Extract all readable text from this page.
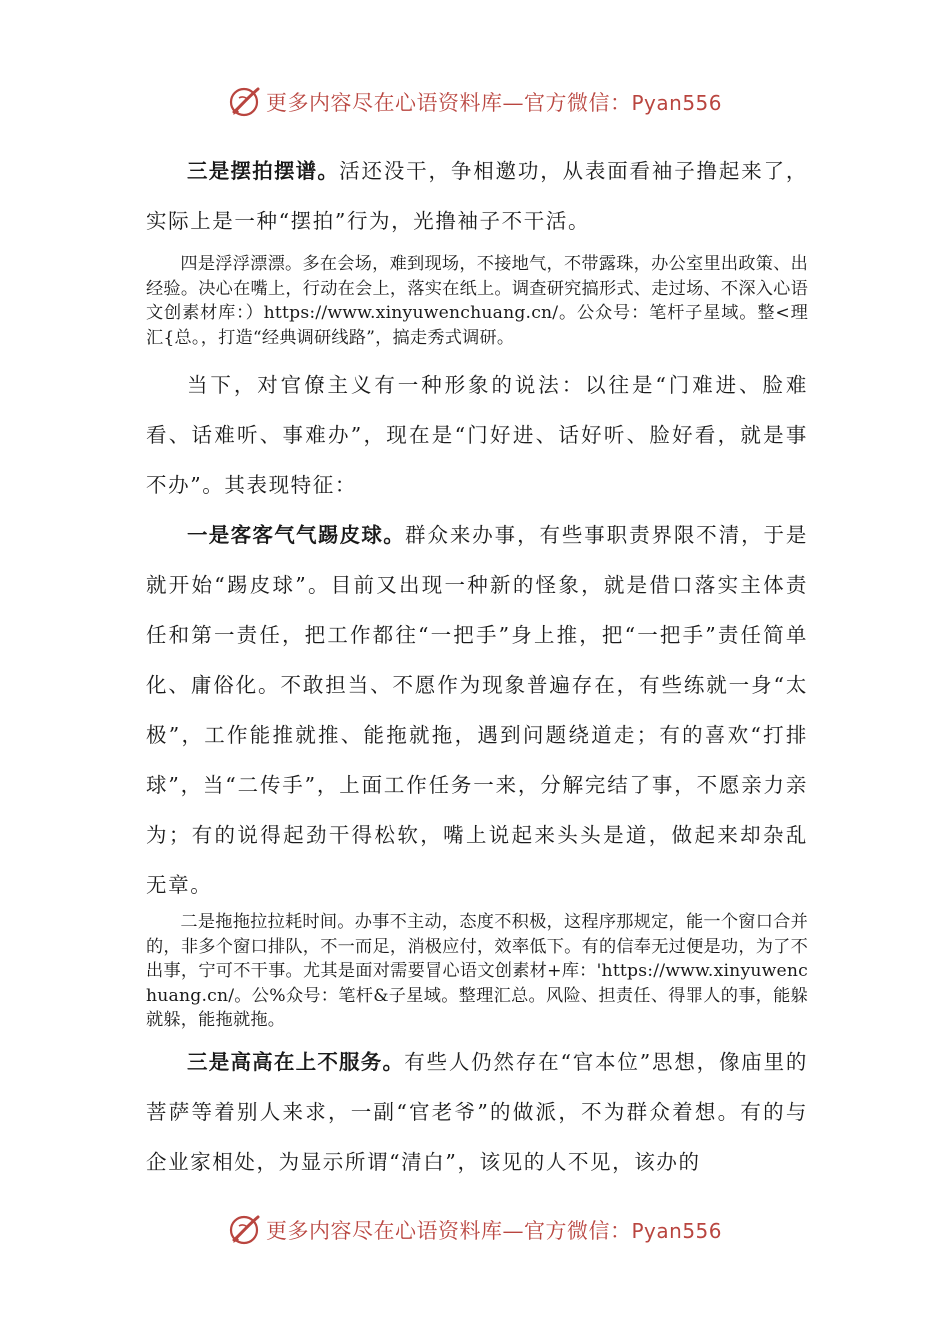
更多内容尽在心语资料库—官方微信：Pyan556

三是摆拍摆谱。活还没干，争相邀功，从表面看袖子撸起来了，实际上是一种“摆拍”行为，光撸袖子不干活。

四是浮浮漂漂。多在会场，难到现场，不接地气，不带露珠，办公室里出政策、出经验。决心在嘴上，行动在会上，落实在纸上。调查研究搞形式、走过场、不深入心语文创素材库：）https://www.xinyuwenchuang.cn/。公众号：笔杆子星域。整<理汇{总。，打造“经典调研线路”，搞走秀式调研。

当下，对官僚主义有一种形象的说法：以往是“门难进、脸难看、话难听、事难办”，现在是“门好进、话好听、脸好看，就是事不办”。其表现特征：

一是客客气气踢皮球。群众来办事，有些事职责界限不清，于是就开始“踢皮球”。目前又出现一种新的怪象，就是借口落实主体责任和第一责任，把工作都往“一把手”身上推，把“一把手”责任简单化、庸俗化。不敢担当、不愿作为现象普遍存在，有些练就一身“太极”，工作能推就推、能拖就拖，遇到问题绕道走；有的喜欢“打排球”，当“二传手”，上面工作任务一来，分解完结了事，不愿亲力亲为；有的说得起劲干得松软，嘴上说起来头头是道，做起来却杂乱无章。

二是拖拖拉拉耗时间。办事不主动，态度不积极，这程序那规定，能一个窗口合并的，非多个窗口排队，不一而足，消极应付，效率低下。有的信奉无过便是功，为了不出事，宁可不干事。尤其是面对需要冒心语文创素材+库：'https://www.xinyuwenchuang.cn/。公%众号：笔杆&子星域。整理汇总。风险、担责任、得罪人的事，能躲就躲，能拖就拖。

三是高高在上不服务。有些人仍然存在“官本位”思想，像庙里的菩萨等着别人来求，一副“官老爷”的做派，不为群众着想。有的与企业家相处，为显示所谓“清白”，该见的人不见，该办的

更多内容尽在心语资料库—官方微信：Pyan556
